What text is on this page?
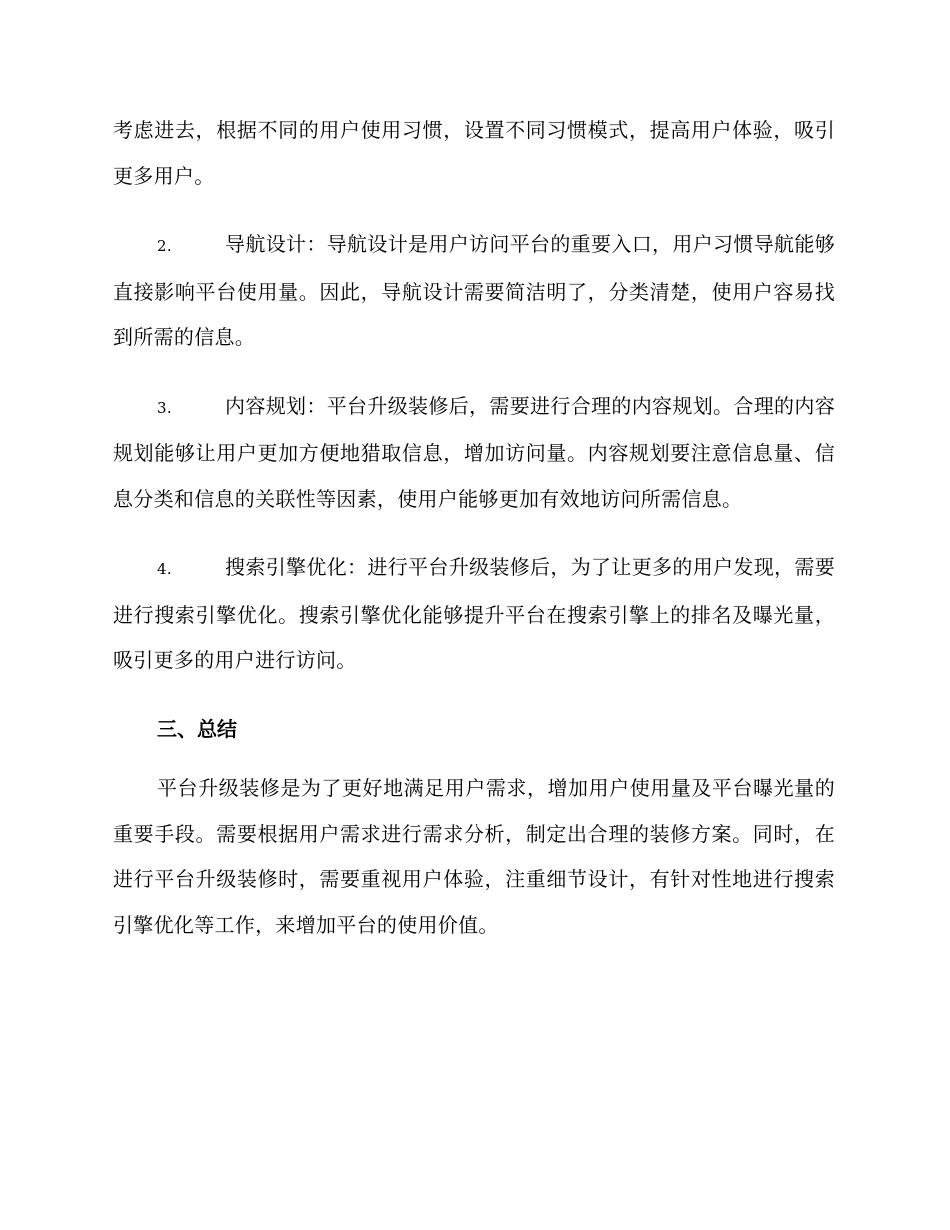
考虑进去，根据不同的用户使用习惯，设置不同习惯模式，提高用户体验，吸引更多用户。

2.	导航设计：导航设计是用户访问平台的重要入口，用户习惯导航能够直接影响平台使用量。因此，导航设计需要简洁明了，分类清楚，使用户容易找到所需的信息。
3.	内容规划：平台升级装修后，需要进行合理的内容规划。合理的内容规划能够让用户更加方便地猎取信息，增加访问量。内容规划要注意信息量、信息分类和信息的关联性等因素，使用户能够更加有效地访问所需信息。
4.	搜索引擎优化：进行平台升级装修后，为了让更多的用户发现，需要进行搜索引擎优化。搜索引擎优化能够提升平台在搜索引擎上的排名及曝光量，吸引更多的用户进行访问。
三、总结

平台升级装修是为了更好地满足用户需求，增加用户使用量及平台曝光量的重要手段。需要根据用户需求进行需求分析，制定出合理的装修方案。同时，在进行平台升级装修时，需要重视用户体验，注重细节设计，有针对性地进行搜索引擎优化等工作，来增加平台的使用价值。
